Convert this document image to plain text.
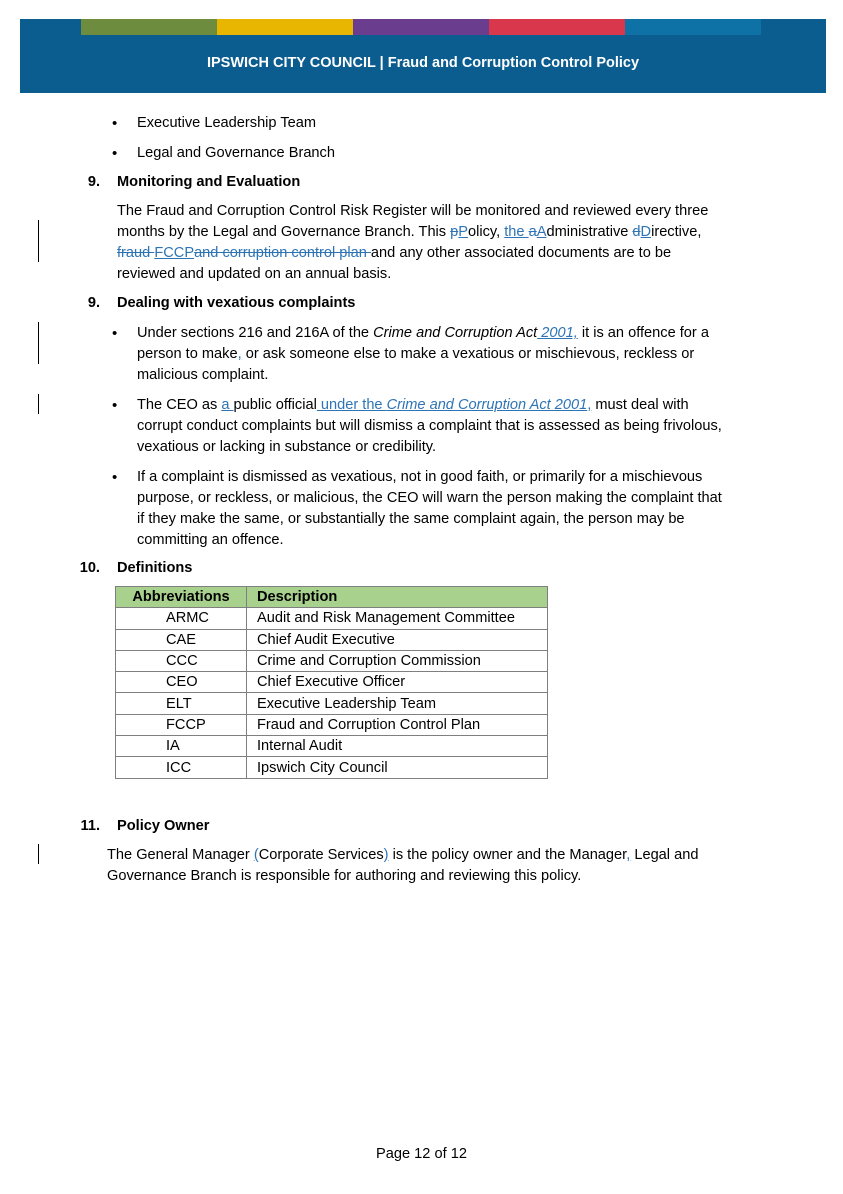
IPSWICH CITY COUNCIL | Fraud and Corruption Control Policy
• Executive Leadership Team
• Legal and Governance Branch
9. Monitoring and Evaluation
The Fraud and Corruption Control Risk Register will be monitored and reviewed every three
months by the Legal and Governance Branch. This pPolicy, the aAdministrative dDirective,
fraud FCCPand corruption control plan and any other associated documents are to be
reviewed and updated on an annual basis.
9. Dealing with vexatious complaints
• Under sections 216 and 216A of the Crime and Corruption Act 2001, it is an offence for a
person to make, or ask someone else to make a vexatious or mischievous, reckless or
malicious complaint.
• The CEO as a public official under the Crime and Corruption Act 2001, must deal with
corrupt conduct complaints but will dismiss a complaint that is assessed as being frivolous,
vexatious or lacking in substance or credibility.
• If a complaint is dismissed as vexatious, not in good faith, or primarily for a mischievous
purpose, or reckless, or malicious, the CEO will warn the person making the complaint that
if they make the same, or substantially the same complaint again, the person may be
committing an offence.
10. Definitions
Abbreviations	Description
ARMC	Audit and Risk Management Committee
CAE	Chief Audit Executive
CCC	Crime and Corruption Commission
CEO	Chief Executive Officer
ELT	Executive Leadership Team
FCCP	Fraud and Corruption Control Plan
IA	Internal Audit
ICC	Ipswich City Council
11. Policy Owner
The General Manager (Corporate Services) is the policy owner and the Manager, Legal and
Governance Branch is responsible for authoring and reviewing this policy.
Page 12 of 12
